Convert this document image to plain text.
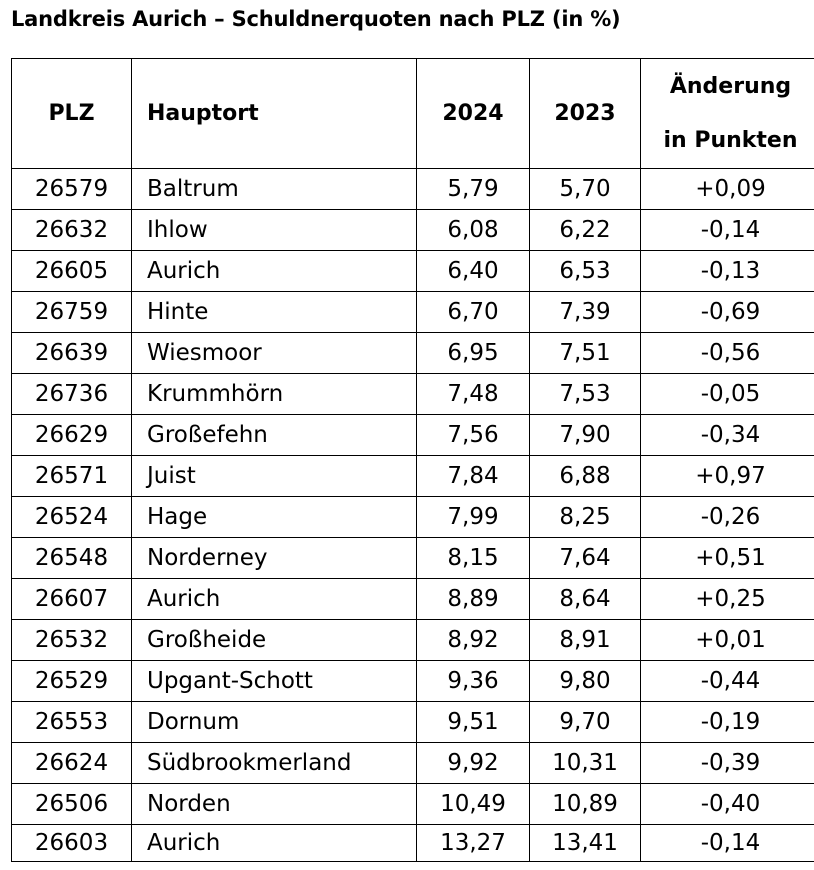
Landkreis Aurich – Schuldnerquoten nach PLZ (in %)
PLZ	Hauptort	2024	2023	Änderung
in Punkten

26579	Baltrum	5,79	5,70	+0,09
26632	Ihlow	6,08	6,22	-0,14
26605	Aurich	6,40	6,53	-0,13
26759	Hinte	6,70	7,39	-0,69
26639	Wiesmoor	6,95	7,51	-0,56
26736	Krummhörn	7,48	7,53	-0,05
26629	Großefehn	7,56	7,90	-0,34
26571	Juist	7,84	6,88	+0,97
26524	Hage	7,99	8,25	-0,26
26548	Norderney	8,15	7,64	+0,51
26607	Aurich	8,89	8,64	+0,25
26532	Großheide	8,92	8,91	+0,01
26529	Upgant-Schott	9,36	9,80	-0,44
26553	Dornum	9,51	9,70	-0,19
26624	Südbrookmerland	9,92	10,31	-0,39
26506	Norden	10,49	10,89	-0,40
26603	Aurich	13,27	13,41	-0,14
